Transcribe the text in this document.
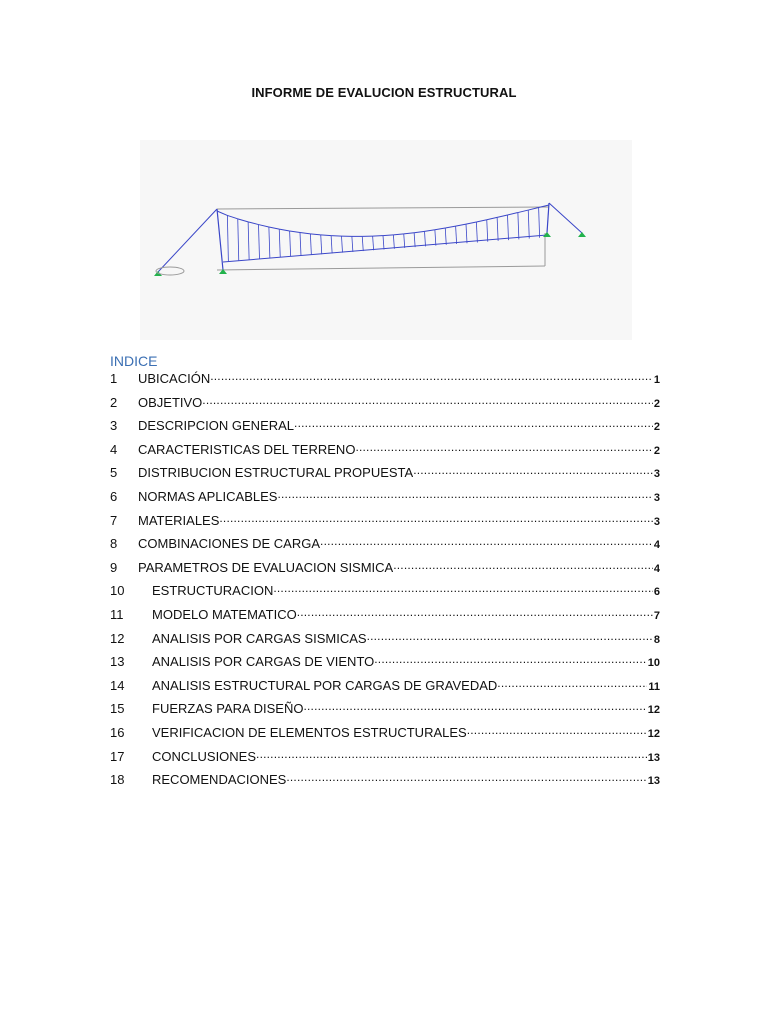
INFORME DE EVALUCION ESTRUCTURAL
INDICE
1	UBICACIÓN .....	1
2	OBJETIVO .....	2
3	DESCRIPCION GENERAL .....	2
4	CARACTERISTICAS DEL TERRENO .....	2
5	DISTRIBUCION ESTRUCTURAL PROPUESTA .....	3
6	NORMAS APLICABLES .....	3
7	MATERIALES .....	3
8	COMBINACIONES DE CARGA .....	4
9	PARAMETROS DE EVALUACION SISMICA .....	4
10	ESTRUCTURACION .....	6
11	MODELO MATEMATICO .....	7
12	ANALISIS POR CARGAS SISMICAS .....	8
13	ANALISIS POR CARGAS DE VIENTO .....	10
14	ANALISIS ESTRUCTURAL POR CARGAS DE GRAVEDAD .....	11
15	FUERZAS PARA DISEÑO .....	12
16	VERIFICACION DE ELEMENTOS ESTRUCTURALES .....	12
17	CONCLUSIONES .....	13
18	RECOMENDACIONES .....	13
